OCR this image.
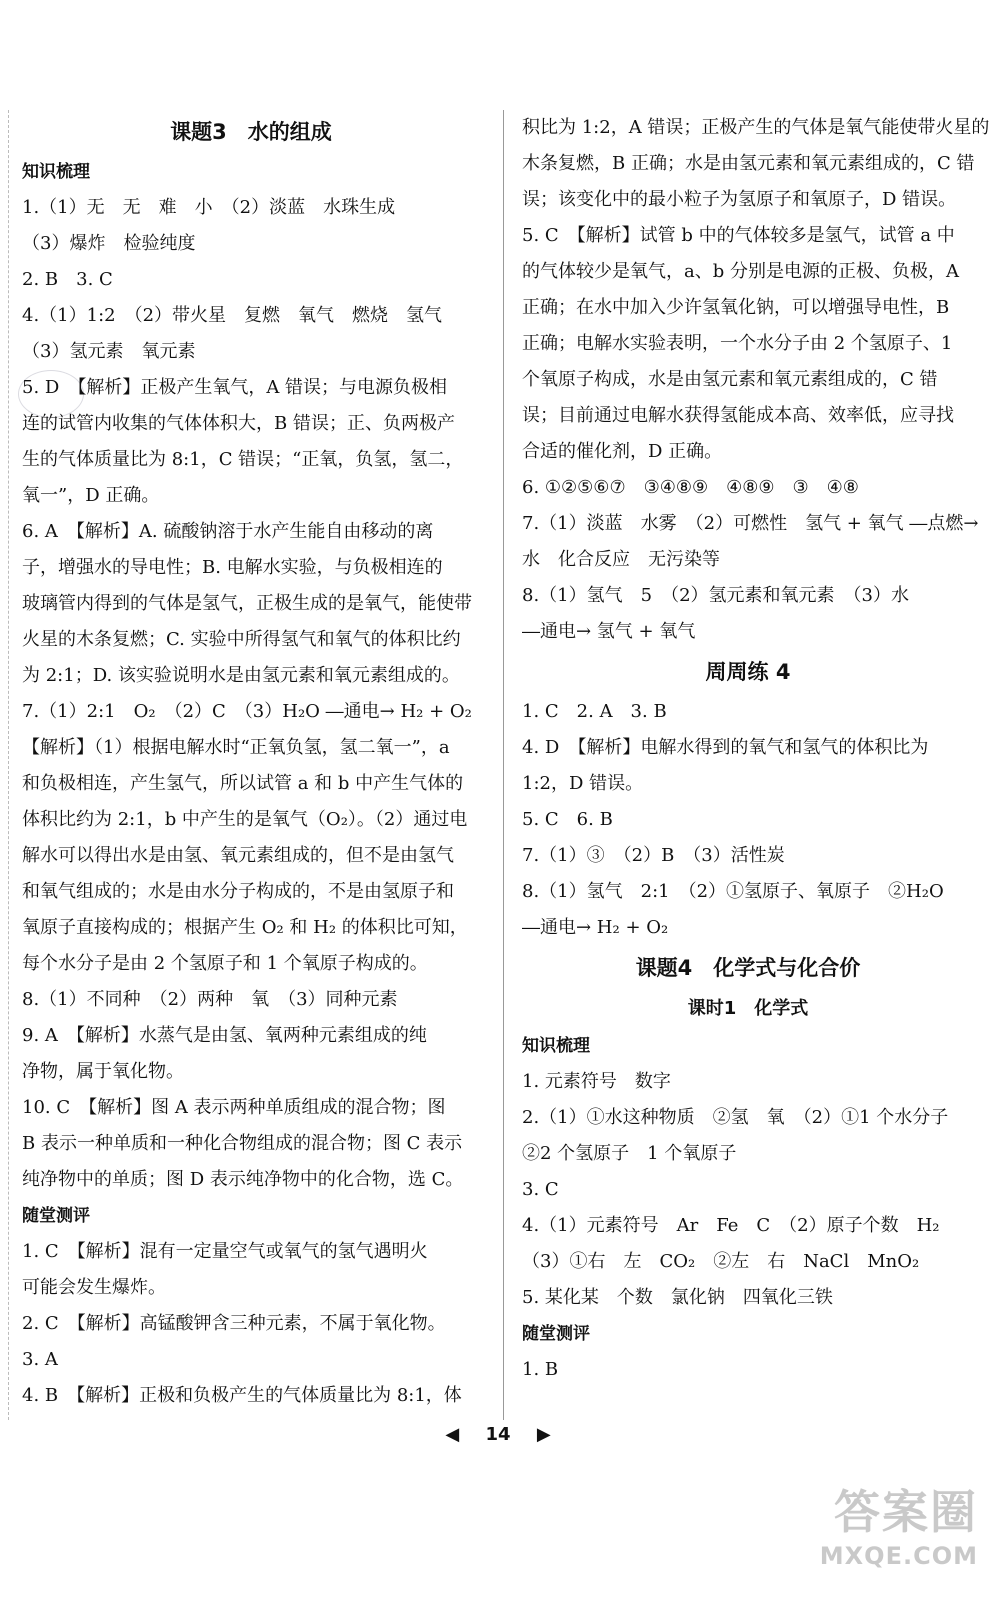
课题3　水的组成
知识梳理
1.（1）无　无　难　小　（2）淡蓝　水珠生成
（3）爆炸　检验纯度
2. B　3. C
4.（1）1:2　（2）带火星　复燃　氧气　燃烧　氢气
（3）氢元素　氧元素
5. D　【解析】正极产生氧气，A 错误；与电源负极相
连的试管内收集的气体体积大，B 错误；正、负两极产
生的气体质量比为 8:1，C 错误；“正氧，负氢，氢二，
氧一”，D 正确。
6. A　【解析】A. 硫酸钠溶于水产生能自由移动的离
子，增强水的导电性；B. 电解水实验，与负极相连的
玻璃管内得到的气体是氢气，正极生成的是氧气，能使带
火星的木条复燃；C. 实验中所得氢气和氧气的体积比约
为 2:1；D. 该实验说明水是由氢元素和氧元素组成的。
7.（1）2:1　O₂　（2）C　（3）H₂O ―通电→ H₂ + O₂
【解析】（1）根据电解水时“正氧负氢，氢二氧一”，a
和负极相连，产生氢气，所以试管 a 和 b 中产生气体的
体积比约为 2:1，b 中产生的是氧气（O₂）。（2）通过电
解水可以得出水是由氢、氧元素组成的，但不是由氢气
和氧气组成的；水是由水分子构成的，不是由氢原子和
氧原子直接构成的；根据产生 O₂ 和 H₂ 的体积比可知，
每个水分子是由 2 个氢原子和 1 个氧原子构成的。
8.（1）不同种　（2）两种　氧　（3）同种元素
9. A　【解析】水蒸气是由氢、氧两种元素组成的纯
净物，属于氧化物。
10. C　【解析】图 A 表示两种单质组成的混合物；图
B 表示一种单质和一种化合物组成的混合物；图 C 表示
纯净物中的单质；图 D 表示纯净物中的化合物，选 C。
随堂测评
1. C　【解析】混有一定量空气或氧气的氢气遇明火
可能会发生爆炸。
2. C　【解析】高锰酸钾含三种元素，不属于氧化物。
3. A
4. B　【解析】正极和负极产生的气体质量比为 8:1，体
积比为 1:2，A 错误；正极产生的气体是氧气能使带火星的
木条复燃，B 正确；水是由氢元素和氧元素组成的，C 错
误；该变化中的最小粒子为氢原子和氧原子，D 错误。
5. C　【解析】试管 b 中的气体较多是氢气，试管 a 中
的气体较少是氧气，a、b 分别是电源的正极、负极，A
正确；在水中加入少许氢氧化钠，可以增强导电性，B
正确；电解水实验表明，一个水分子由 2 个氢原子、1
个氧原子构成，水是由氢元素和氧元素组成的，C 错
误；目前通过电解水获得氢能成本高、效率低，应寻找
合适的催化剂，D 正确。
6. ①②⑤⑥⑦　③④⑧⑨　④⑧⑨　③　④⑧
7.（1）淡蓝　水雾　（2）可燃性　氢气 + 氧气 ―点燃→
水　化合反应　无污染等
8.（1）氢气　5　（2）氢元素和氧元素　（3）水
―通电→ 氢气 + 氧气
周周练 4
1. C　2. A　3. B
4. D　【解析】电解水得到的氧气和氢气的体积比为
1:2，D 错误。
5. C　6. B
7.（1）③　（2）B　（3）活性炭
8.（1）氢气　2:1　（2）①氢原子、氧原子　②H₂O
―通电→ H₂ + O₂
课题4　化学式与化合价
课时1　化学式
知识梳理
1. 元素符号　数字
2.（1）①水这种物质　②氢　氧　（2）①1 个水分子
②2 个氢原子　1 个氧原子
3. C
4.（1）元素符号　Ar　Fe　C　（2）原子个数　H₂
（3）①右　左　CO₂　②左　右　NaCl　MnO₂
5. 某化某　个数　氯化钠　四氧化三铁
随堂测评
1. B
◀ 14 ▶
答案圈
MXQE.COM
